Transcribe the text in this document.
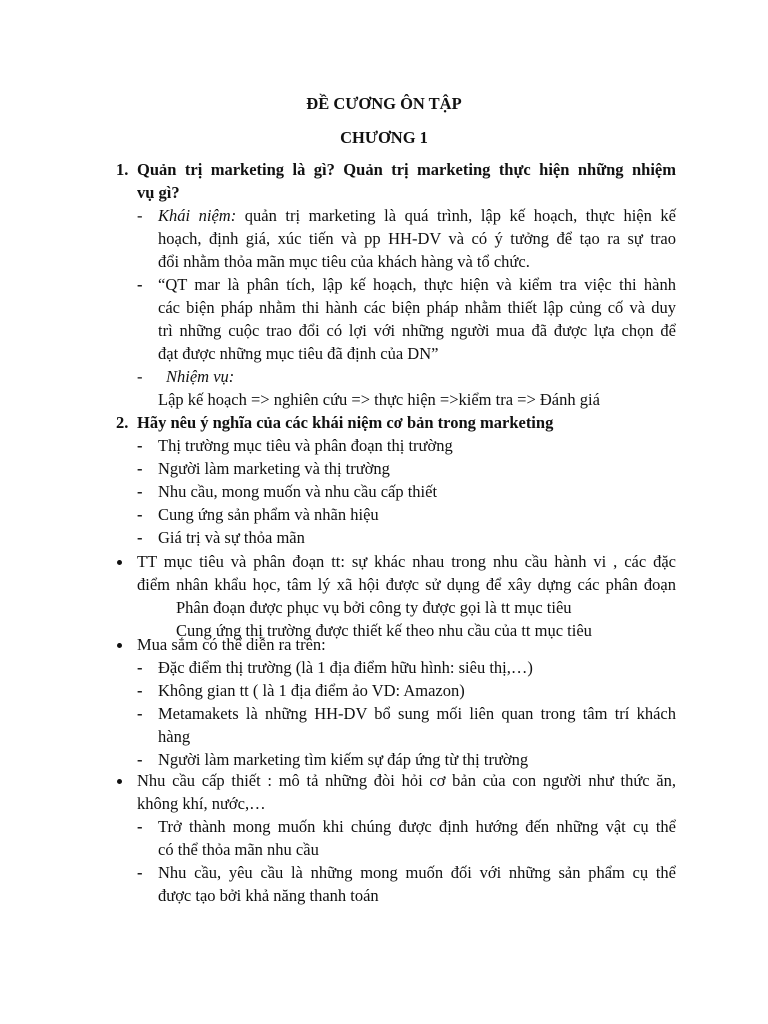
ĐỀ CƯƠNG ÔN TẬP
CHƯƠNG 1
1. Quản trị marketing là gì? Quản trị marketing thực hiện những nhiệm
vụ gì?
- Khái niệm: quản trị marketing là quá trình, lập kế hoạch, thực hiện kế
hoạch, định giá, xúc tiến và pp HH-DV và có ý tưởng để tạo ra sự trao
đổi nhằm thỏa mãn mục tiêu của khách hàng và tổ chức.
- “QT mar là phân tích, lập kế hoạch, thực hiện và kiểm tra việc thi hành
các biện pháp nhằm thi hành các biện pháp nhằm thiết lập củng cố và duy
trì những cuộc trao đổi có lợi với những người mua đã được lựa chọn để
đạt được những mục tiêu đã định của DN”
- Nhiệm vụ:
Lập kế hoạch => nghiên cứu => thực hiện =>kiểm tra => Đánh giá
2. Hãy nêu ý nghĩa của các khái niệm cơ bản trong marketing
- Thị trường mục tiêu và phân đoạn thị trường
- Người làm marketing và thị trường
- Nhu cầu, mong muốn và nhu cầu cấp thiết
- Cung ứng sản phẩm và nhãn hiệu
- Giá trị và sự thỏa mãn
TT mục tiêu và phân đoạn tt: sự khác nhau trong nhu cầu hành vi , các đặc
điểm nhân khẩu học, tâm lý xã hội được sử dụng để xây dựng các phân đoạn
Phân đoạn được phục vụ bởi công ty được gọi là tt mục tiêu
Cung ứng thị trường được thiết kế theo nhu cầu của tt mục tiêu
Mua sắm có thể diễn ra trên:
- Đặc điểm thị trường (là 1 địa điểm hữu hình: siêu thị,…)
- Không gian tt ( là 1 địa điểm ảo VD: Amazon)
- Metamakets là những HH-DV bổ sung mối liên quan trong tâm trí khách
hàng
- Người làm marketing tìm kiếm sự đáp ứng từ thị trường
Nhu cầu cấp thiết : mô tả những đòi hỏi cơ bản của con người như thức ăn,
không khí, nước,…
- Trở thành mong muốn khi chúng được định hướng đến những vật cụ thể
có thể thỏa mãn nhu cầu
- Nhu cầu, yêu cầu là những mong muốn đối với những sản phẩm cụ thể
được tạo bởi khả năng thanh toán
